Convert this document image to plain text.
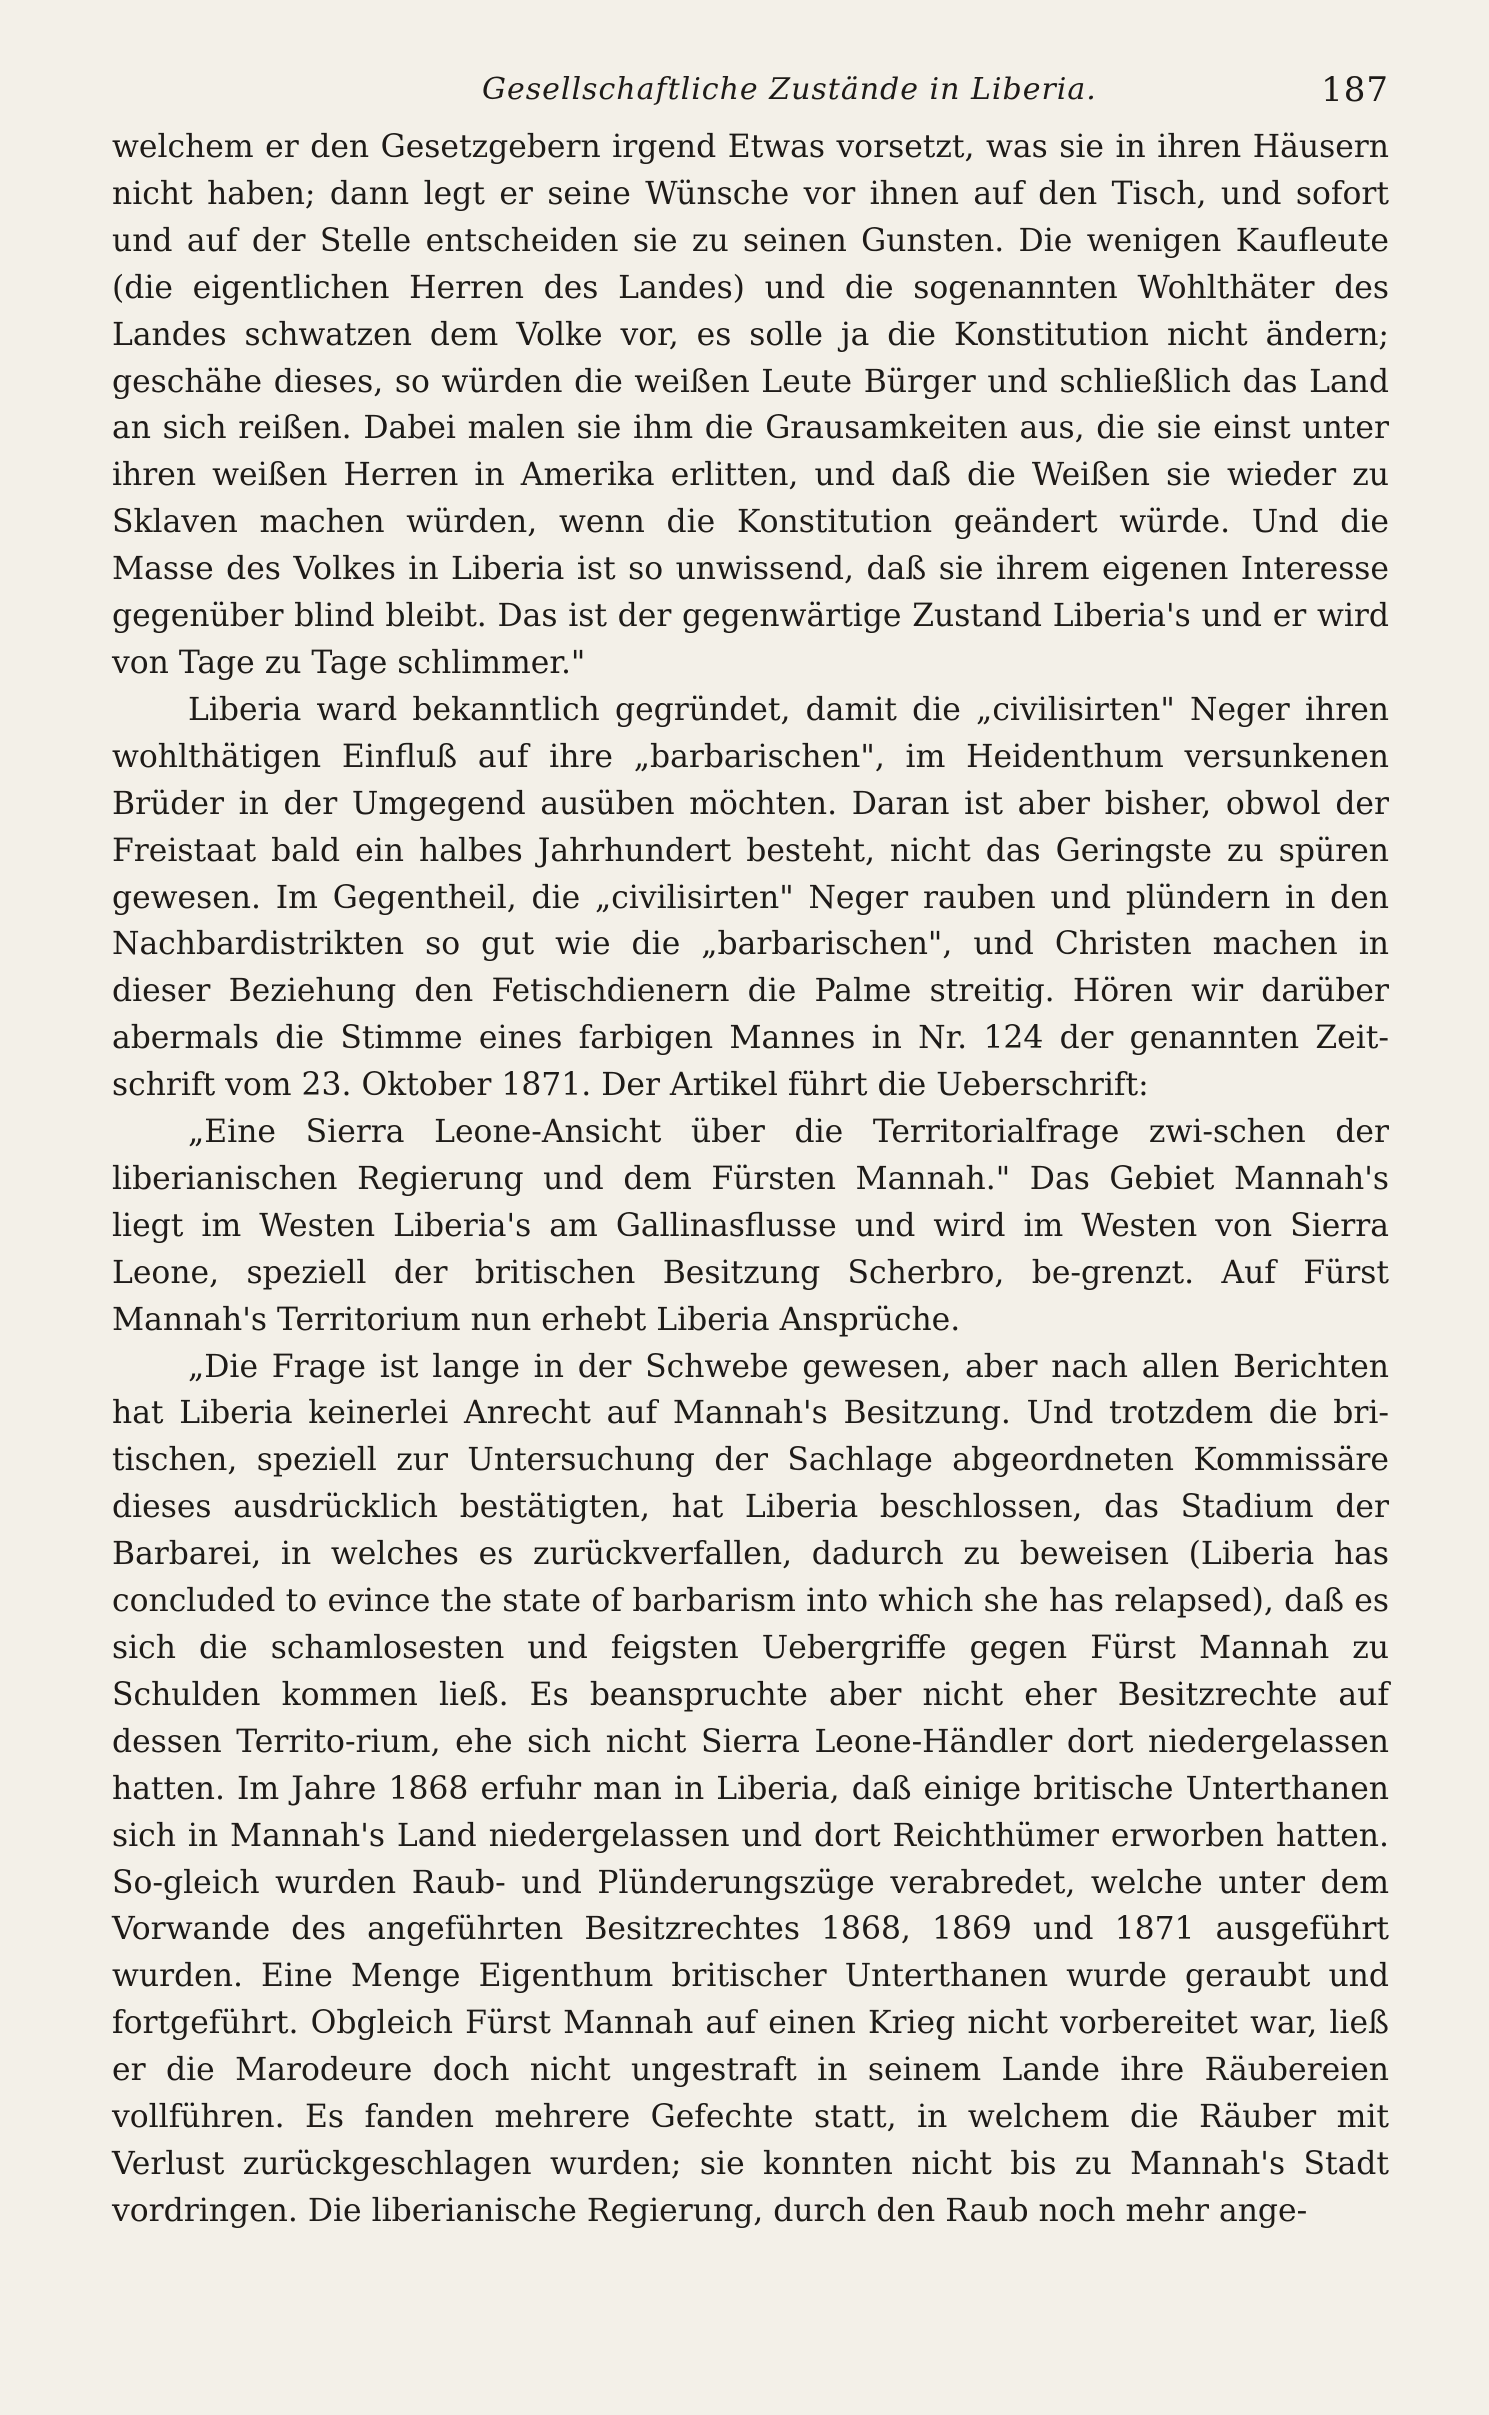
Gesellschaftliche Zustände in Liberia.	187

welchem er den Gesetzgebern irgend Etwas vorsetzt, was sie in ihren Häusern nicht haben; dann legt er seine Wünsche vor ihnen auf den Tisch, und sofort und auf der Stelle entscheiden sie zu seinen Gunsten. Die wenigen Kaufleute (die eigentlichen Herren des Landes) und die sogenannten Wohlthäter des Landes schwatzen dem Volke vor, es solle ja die Konstitution nicht ändern; geschähe dieses, so würden die weißen Leute Bürger und schließlich das Land an sich reißen. Dabei malen sie ihm die Grausamkeiten aus, die sie einst unter ihren weißen Herren in Amerika erlitten, und daß die Weißen sie wieder zu Sklaven machen würden, wenn die Konstitution geändert würde. Und die Masse des Volkes in Liberia ist so unwissend, daß sie ihrem eigenen Interesse gegenüber blind bleibt. Das ist der gegenwärtige Zustand Liberia's und er wird von Tage zu Tage schlimmer."

Liberia ward bekanntlich gegründet, damit die „civilisirten" Neger ihren wohlthätigen Einfluß auf ihre „barbarischen", im Heidenthum versunkenen Brüder in der Umgegend ausüben möchten. Daran ist aber bisher, obwol der Freistaat bald ein halbes Jahrhundert besteht, nicht das Geringste zu spüren gewesen. Im Gegentheil, die „civilisirten" Neger rauben und plündern in den Nachbardistrikten so gut wie die „barbarischen", und Christen machen in dieser Beziehung den Fetischdienern die Palme streitig. Hören wir darüber abermals die Stimme eines farbigen Mannes in Nr. 124 der genannten Zeit-schrift vom 23. Oktober 1871. Der Artikel führt die Ueberschrift:

„Eine Sierra Leone-Ansicht über die Territorialfrage zwi-schen der liberianischen Regierung und dem Fürsten Mannah." Das Gebiet Mannah's liegt im Westen Liberia's am Gallinasflusse und wird im Westen von Sierra Leone, speziell der britischen Besitzung Scherbro, be-grenzt. Auf Fürst Mannah's Territorium nun erhebt Liberia Ansprüche.

„Die Frage ist lange in der Schwebe gewesen, aber nach allen Berichten hat Liberia keinerlei Anrecht auf Mannah's Besitzung. Und trotzdem die bri-tischen, speziell zur Untersuchung der Sachlage abgeordneten Kommissäre dieses ausdrücklich bestätigten, hat Liberia beschlossen, das Stadium der Barbarei, in welches es zurückverfallen, dadurch zu beweisen (Liberia has concluded to evince the state of barbarism into which she has relapsed), daß es sich die schamlosesten und feigsten Uebergriffe gegen Fürst Mannah zu Schulden kommen ließ. Es beanspruchte aber nicht eher Besitzrechte auf dessen Territo-rium, ehe sich nicht Sierra Leone-Händler dort niedergelassen hatten. Im Jahre 1868 erfuhr man in Liberia, daß einige britische Unterthanen sich in Mannah's Land niedergelassen und dort Reichthümer erworben hatten. So-gleich wurden Raub- und Plünderungszüge verabredet, welche unter dem Vorwande des angeführten Besitzrechtes 1868, 1869 und 1871 ausgeführt wurden. Eine Menge Eigenthum britischer Unterthanen wurde geraubt und fortgeführt. Obgleich Fürst Mannah auf einen Krieg nicht vorbereitet war, ließ er die Marodeure doch nicht ungestraft in seinem Lande ihre Räubereien vollführen. Es fanden mehrere Gefechte statt, in welchem die Räuber mit Verlust zurückgeschlagen wurden; sie konnten nicht bis zu Mannah's Stadt vordringen. Die liberianische Regierung, durch den Raub noch mehr ange-
